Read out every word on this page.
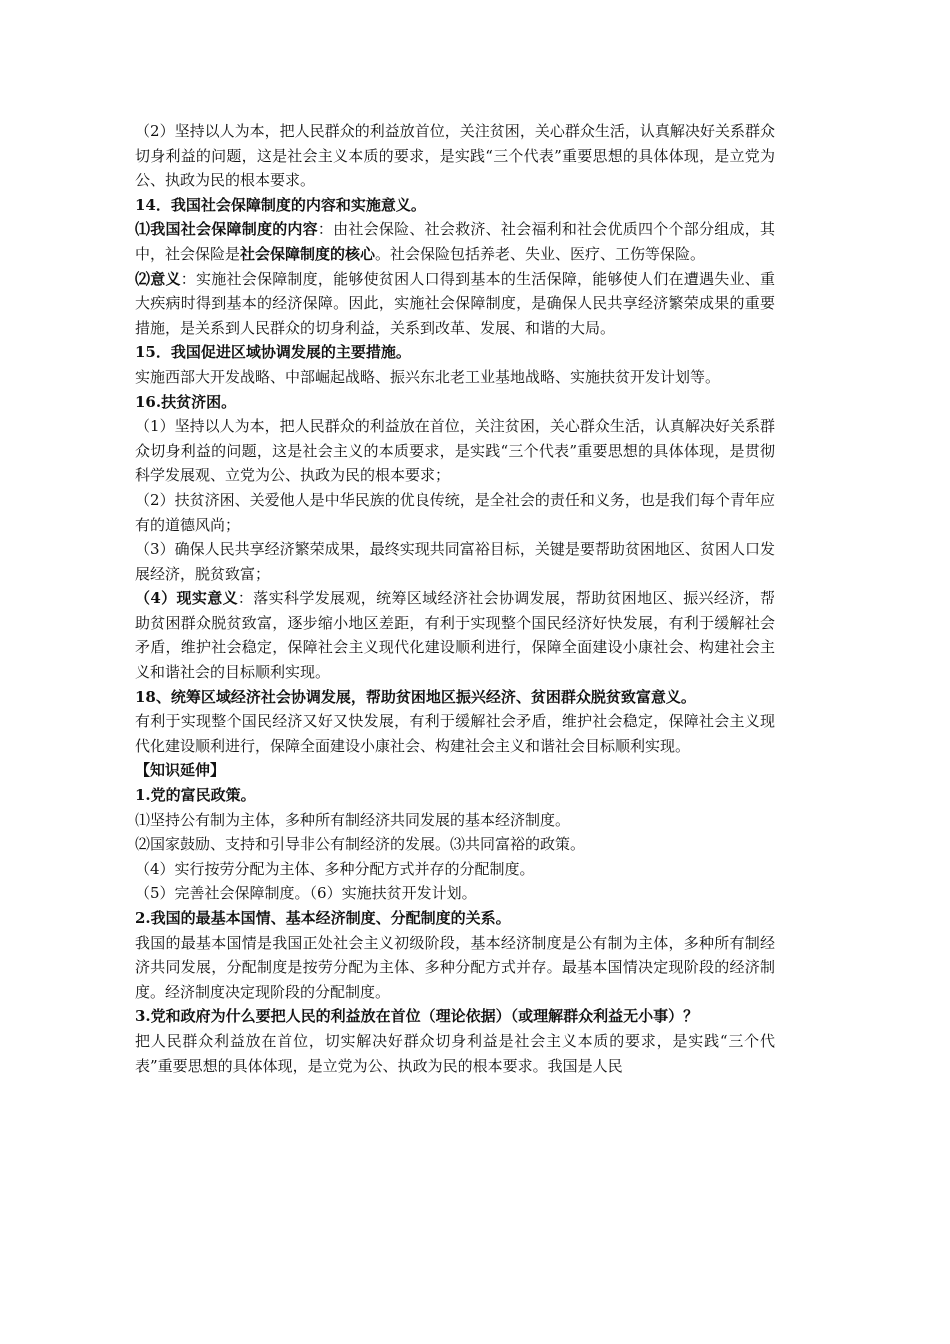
（2）坚持以人为本，把人民群众的利益放首位，关注贫困，关心群众生活，认真解决好关系群众切身利益的问题，这是社会主义本质的要求，是实践“三个代表”重要思想的具体体现，是立党为公、执政为民的根本要求。

14．我国社会保障制度的内容和实施意义。

⑴我国社会保障制度的内容：由社会保险、社会救济、社会福利和社会优质四个个部分组成，其中，社会保险是社会保障制度的核心。社会保险包括养老、失业、医疗、工伤等保险。

⑵意义：实施社会保障制度，能够使贫困人口得到基本的生活保障，能够使人们在遭遇失业、重大疾病时得到基本的经济保障。因此，实施社会保障制度，是确保人民共享经济繁荣成果的重要措施，是关系到人民群众的切身利益，关系到改革、发展、和谐的大局。

15．我国促进区域协调发展的主要措施。

实施西部大开发战略、中部崛起战略、振兴东北老工业基地战略、实施扶贫开发计划等。

16.扶贫济困。

（1）坚持以人为本，把人民群众的利益放在首位，关注贫困，关心群众生活，认真解决好关系群众切身利益的问题，这是社会主义的本质要求，是实践“三个代表”重要思想的具体体现，是贯彻科学发展观、立党为公、执政为民的根本要求；

（2）扶贫济困、关爱他人是中华民族的优良传统，是全社会的责任和义务，也是我们每个青年应有的道德风尚；

（3）确保人民共享经济繁荣成果，最终实现共同富裕目标，关键是要帮助贫困地区、贫困人口发展经济，脱贫致富；

（4）现实意义：落实科学发展观，统筹区域经济社会协调发展，帮助贫困地区、振兴经济，帮助贫困群众脱贫致富，逐步缩小地区差距，有利于实现整个国民经济好快发展，有利于缓解社会矛盾，维护社会稳定，保障社会主义现代化建设顺利进行，保障全面建设小康社会、构建社会主义和谐社会的目标顺利实现。

18、统筹区域经济社会协调发展，帮助贫困地区振兴经济、贫困群众脱贫致富意义。

有利于实现整个国民经济又好又快发展，有利于缓解社会矛盾，维护社会稳定，保障社会主义现代化建设顺利进行，保障全面建设小康社会、构建社会主义和谐社会目标顺利实现。

【知识延伸】

1.党的富民政策。

⑴坚持公有制为主体，多种所有制经济共同发展的基本经济制度。

⑵国家鼓励、支持和引导非公有制经济的发展。⑶共同富裕的政策。

（4）实行按劳分配为主体、多种分配方式并存的分配制度。

（5）完善社会保障制度。（6）实施扶贫开发计划。

2.我国的最基本国情、基本经济制度、分配制度的关系。

我国的最基本国情是我国正处社会主义初级阶段，基本经济制度是公有制为主体，多种所有制经济共同发展，分配制度是按劳分配为主体、多种分配方式并存。最基本国情决定现阶段的经济制度。经济制度决定现阶段的分配制度。

3.党和政府为什么要把人民的利益放在首位（理论依据）（或理解群众利益无小事）？

把人民群众利益放在首位，切实解决好群众切身利益是社会主义本质的要求，是实践“三个代表”重要思想的具体体现，是立党为公、执政为民的根本要求。我国是人民
